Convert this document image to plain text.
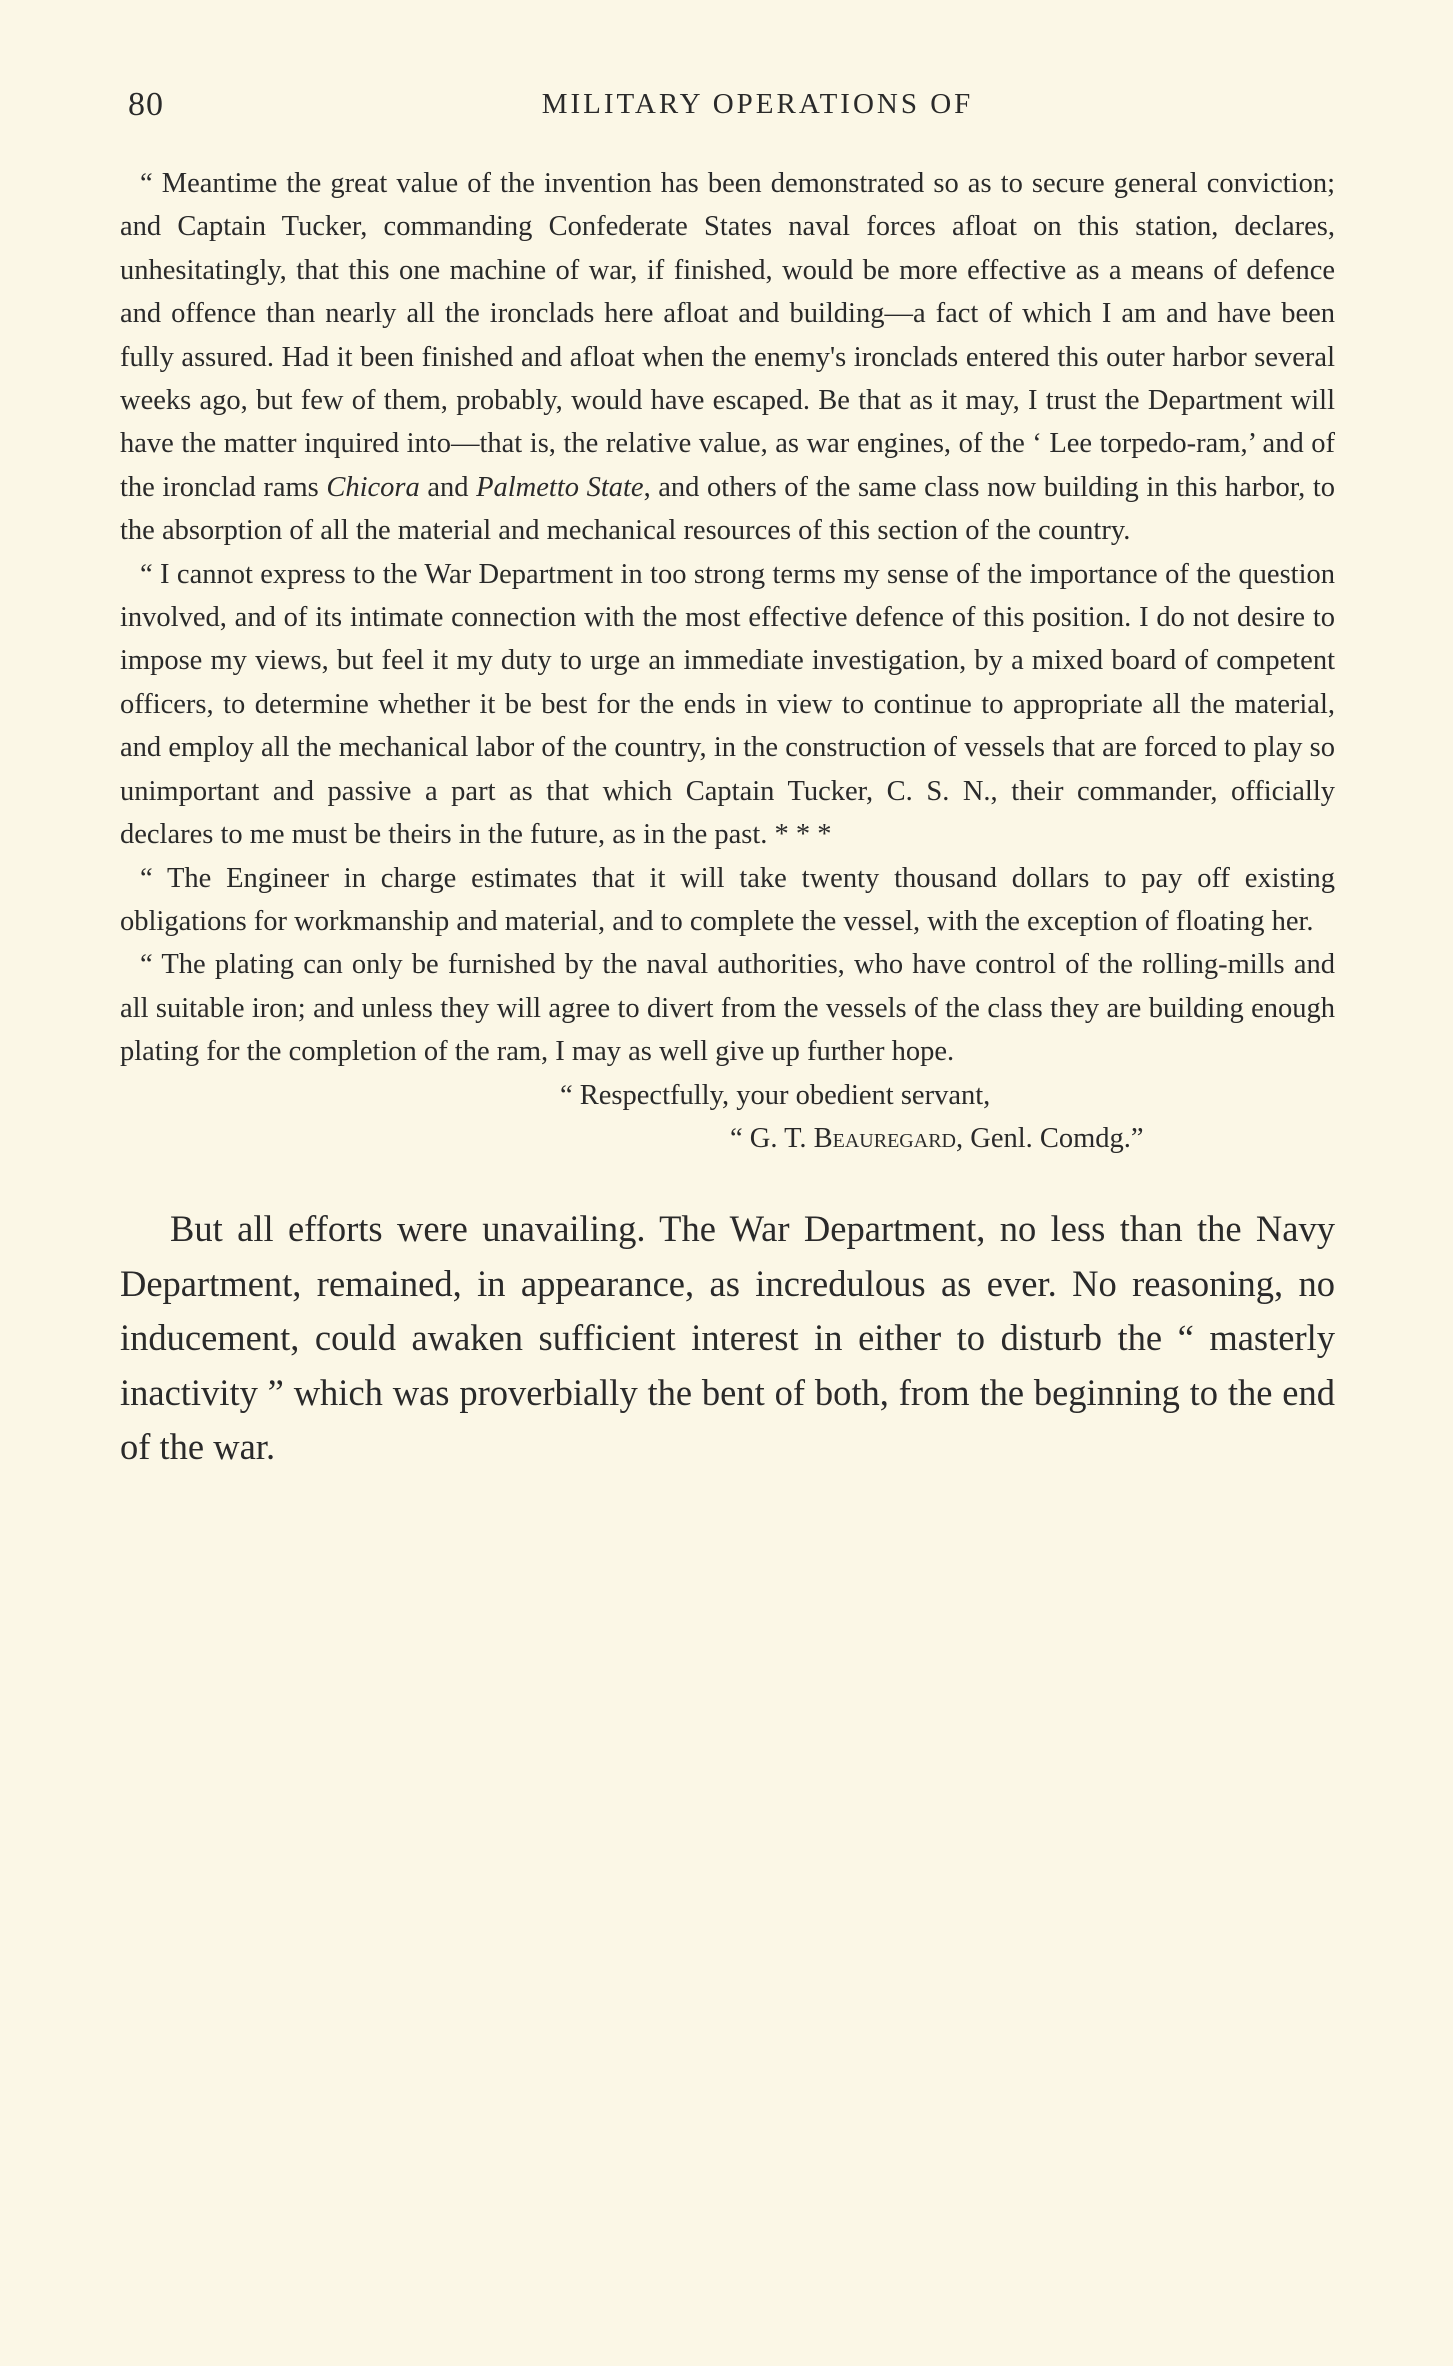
80	MILITARY OPERATIONS OF

“ Meantime the great value of the invention has been demonstrated so as to secure general conviction; and Captain Tucker, commanding Confederate States naval forces afloat on this station, declares, unhesitatingly, that this one machine of war, if finished, would be more effective as a means of defence and offence than nearly all the ironclads here afloat and building—a fact of which I am and have been fully assured. Had it been finished and afloat when the enemy's ironclads entered this outer harbor several weeks ago, but few of them, probably, would have escaped. Be that as it may, I trust the Department will have the matter inquired into—that is, the relative value, as war engines, of the ‘ Lee torpedo-ram,’ and of the ironclad rams Chicora and Palmetto State, and others of the same class now building in this harbor, to the absorption of all the material and mechanical resources of this section of the country.

“ I cannot express to the War Department in too strong terms my sense of the importance of the question involved, and of its intimate connection with the most effective defence of this position. I do not desire to impose my views, but feel it my duty to urge an immediate investigation, by a mixed board of competent officers, to determine whether it be best for the ends in view to continue to appropriate all the material, and employ all the mechanical labor of the country, in the construction of vessels that are forced to play so unimportant and passive a part as that which Captain Tucker, C. S. N., their commander, officially declares to me must be theirs in the future, as in the past. * * *

“ The Engineer in charge estimates that it will take twenty thousand dollars to pay off existing obligations for workmanship and material, and to complete the vessel, with the exception of floating her.

“ The plating can only be furnished by the naval authorities, who have control of the rolling-mills and all suitable iron; and unless they will agree to divert from the vessels of the class they are building enough plating for the completion of the ram, I may as well give up further hope.

“ Respectfully, your obedient servant,
“ G. T. Beauregard, Genl. Comdg.”

But all efforts were unavailing. The War Department, no less than the Navy Department, remained, in appearance, as incredulous as ever. No reasoning, no inducement, could awaken sufficient interest in either to disturb the “ masterly inactivity ” which was proverbially the bent of both, from the beginning to the end of the war.
